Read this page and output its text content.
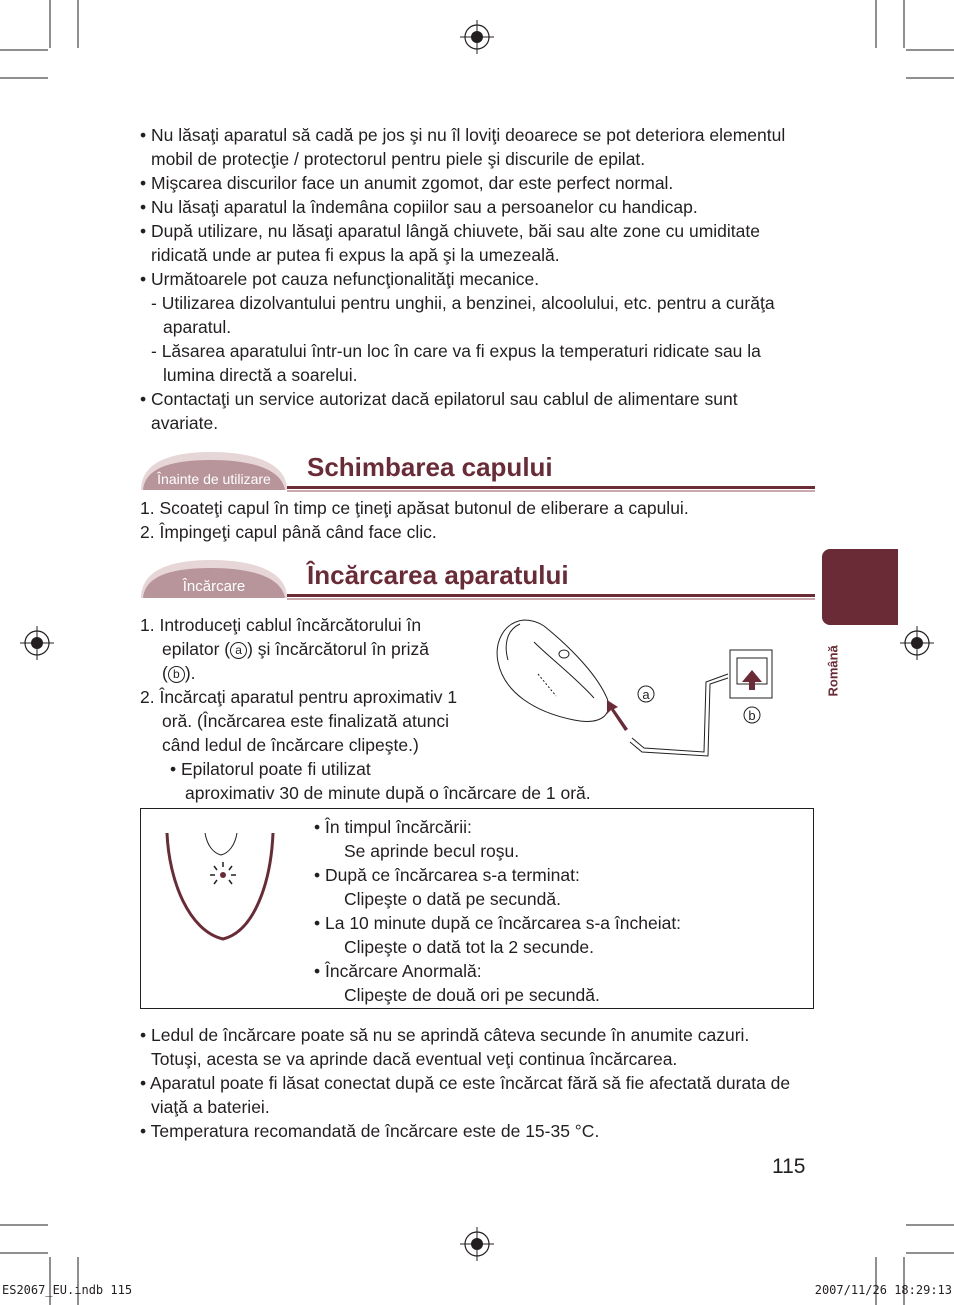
• Nu lăsaţi aparatul să cadă pe jos şi nu îl loviţi deoarece se pot deteriora elementul
mobil de protecţie / protectorul pentru piele şi discurile de epilat.
• Mişcarea discurilor face un anumit zgomot, dar este perfect normal.
• Nu lăsaţi aparatul la îndemâna copiilor sau a persoanelor cu handicap.
• După utilizare, nu lăsaţi aparatul lângă chiuvete, băi sau alte zone cu umiditate
ridicată unde ar putea fi expus la apă şi la umezeală.
• Următoarele pot cauza nefuncţionalităţi mecanice.
- Utilizarea dizolvantului pentru unghii, a benzinei, alcoolului, etc. pentru a curăţa
aparatul.
- Lăsarea aparatului într-un loc în care va fi expus la temperaturi ridicate sau la
lumina directă a soarelui.
• Contactaţi un service autorizat dacă epilatorul sau cablul de alimentare sunt
avariate.
Înainte de utilizare	Schimbarea capului
1. Scoateţi capul în timp ce ţineţi apăsat butonul de eliberare a capului.
2. Împingeţi capul până când face clic.
Încărcare	Încărcarea aparatului
1. Introduceţi cablul încărcătorului în
epilator ( a ) şi încărcătorul în priză
( b ).
2. Încărcaţi aparatul pentru aproximativ 1
oră. (Încărcarea este finalizată atunci
când ledul de încărcare clipeşte.)
• Epilatorul poate fi utilizat
aproximativ 30 de minute după o încărcare de 1 oră.
a
b
• În timpul încărcării:
Se aprinde becul roşu.
• După ce încărcarea s-a terminat:
Clipeşte o dată pe secundă.
• La 10 minute după ce încărcarea s-a încheiat:
Clipeşte o dată tot la 2 secunde.
• Încărcare Anormală:
Clipeşte de două ori pe secundă.
• Ledul de încărcare poate să nu se aprindă câteva secunde în anumite cazuri.
Totuşi, acesta se va aprinde dacă eventual veţi continua încărcarea.
• Aparatul poate fi lăsat conectat după ce este încărcat fără să fie afectată durata de
viaţă a bateriei.
• Temperatura recomandată de încărcare este de 15-35 °C.
Română
115
ES2067_EU.indb 115	2007/11/26 18:29:13
